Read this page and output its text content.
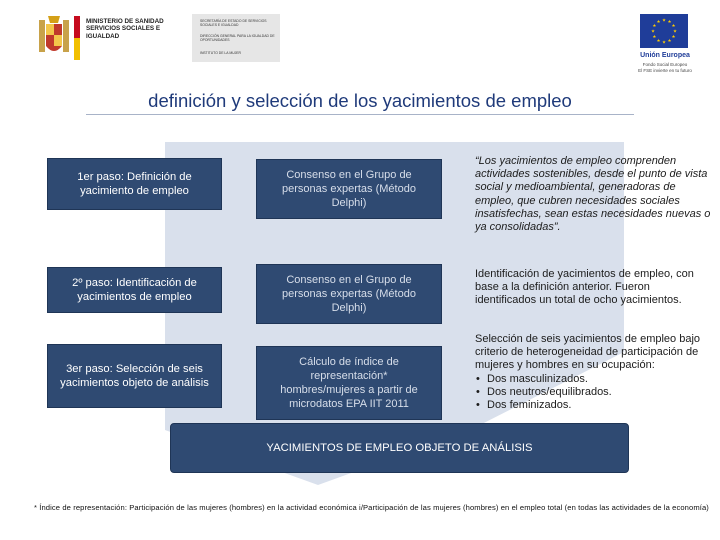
MINISTERIO DE SANIDAD SERVICIOS SOCIALES E IGUALDAD
SECRETARÍA DE ESTADO DE SERVICIOS SOCIALES E IGUALDAD
DIRECCIÓN GENERAL PARA LA IGUALDAD DE OPORTUNIDADES
INSTITUTO DE LA MUJER
★ ★
★
★
★
★
★
★
★
★
★
★
Unión Europea
Fondo Social Europeo
El FSE invierte en tu futuro
definición y selección de los yacimientos de empleo
1er paso: Definición de yacimiento de empleo
2º paso: Identificación de yacimientos de empleo
3er paso: Selección de seis yacimientos objeto de análisis
Consenso en el Grupo de personas expertas (Método Delphi)
Consenso en el Grupo de personas expertas (Método Delphi)
Cálculo de índice de representación* hombres/mujeres a partir de microdatos EPA IIT 2011
“Los yacimientos de empleo comprenden actividades sostenibles, desde el punto de vista social y medioambiental, generadoras de empleo, que cubren necesidades sociales insatisfechas, sean estas necesidades nuevas o ya consolidadas”.
Identificación de yacimientos de empleo, con base a la definición anterior. Fueron identificados un total de ocho yacimientos.
Selección de seis yacimientos de empleo bajo criterio de heterogeneidad de participación de mujeres y hombres en su ocupación:
• Dos masculinizados.
• Dos neutros/equilibrados.
• Dos feminizados.
YACIMIENTOS DE EMPLEO OBJETO DE ANÁLISIS
* Índice de representación: Participación de las mujeres (hombres) en la actividad económica i/Participación de las mujeres (hombres) en el empleo total (en todas las actividades de la economía)
